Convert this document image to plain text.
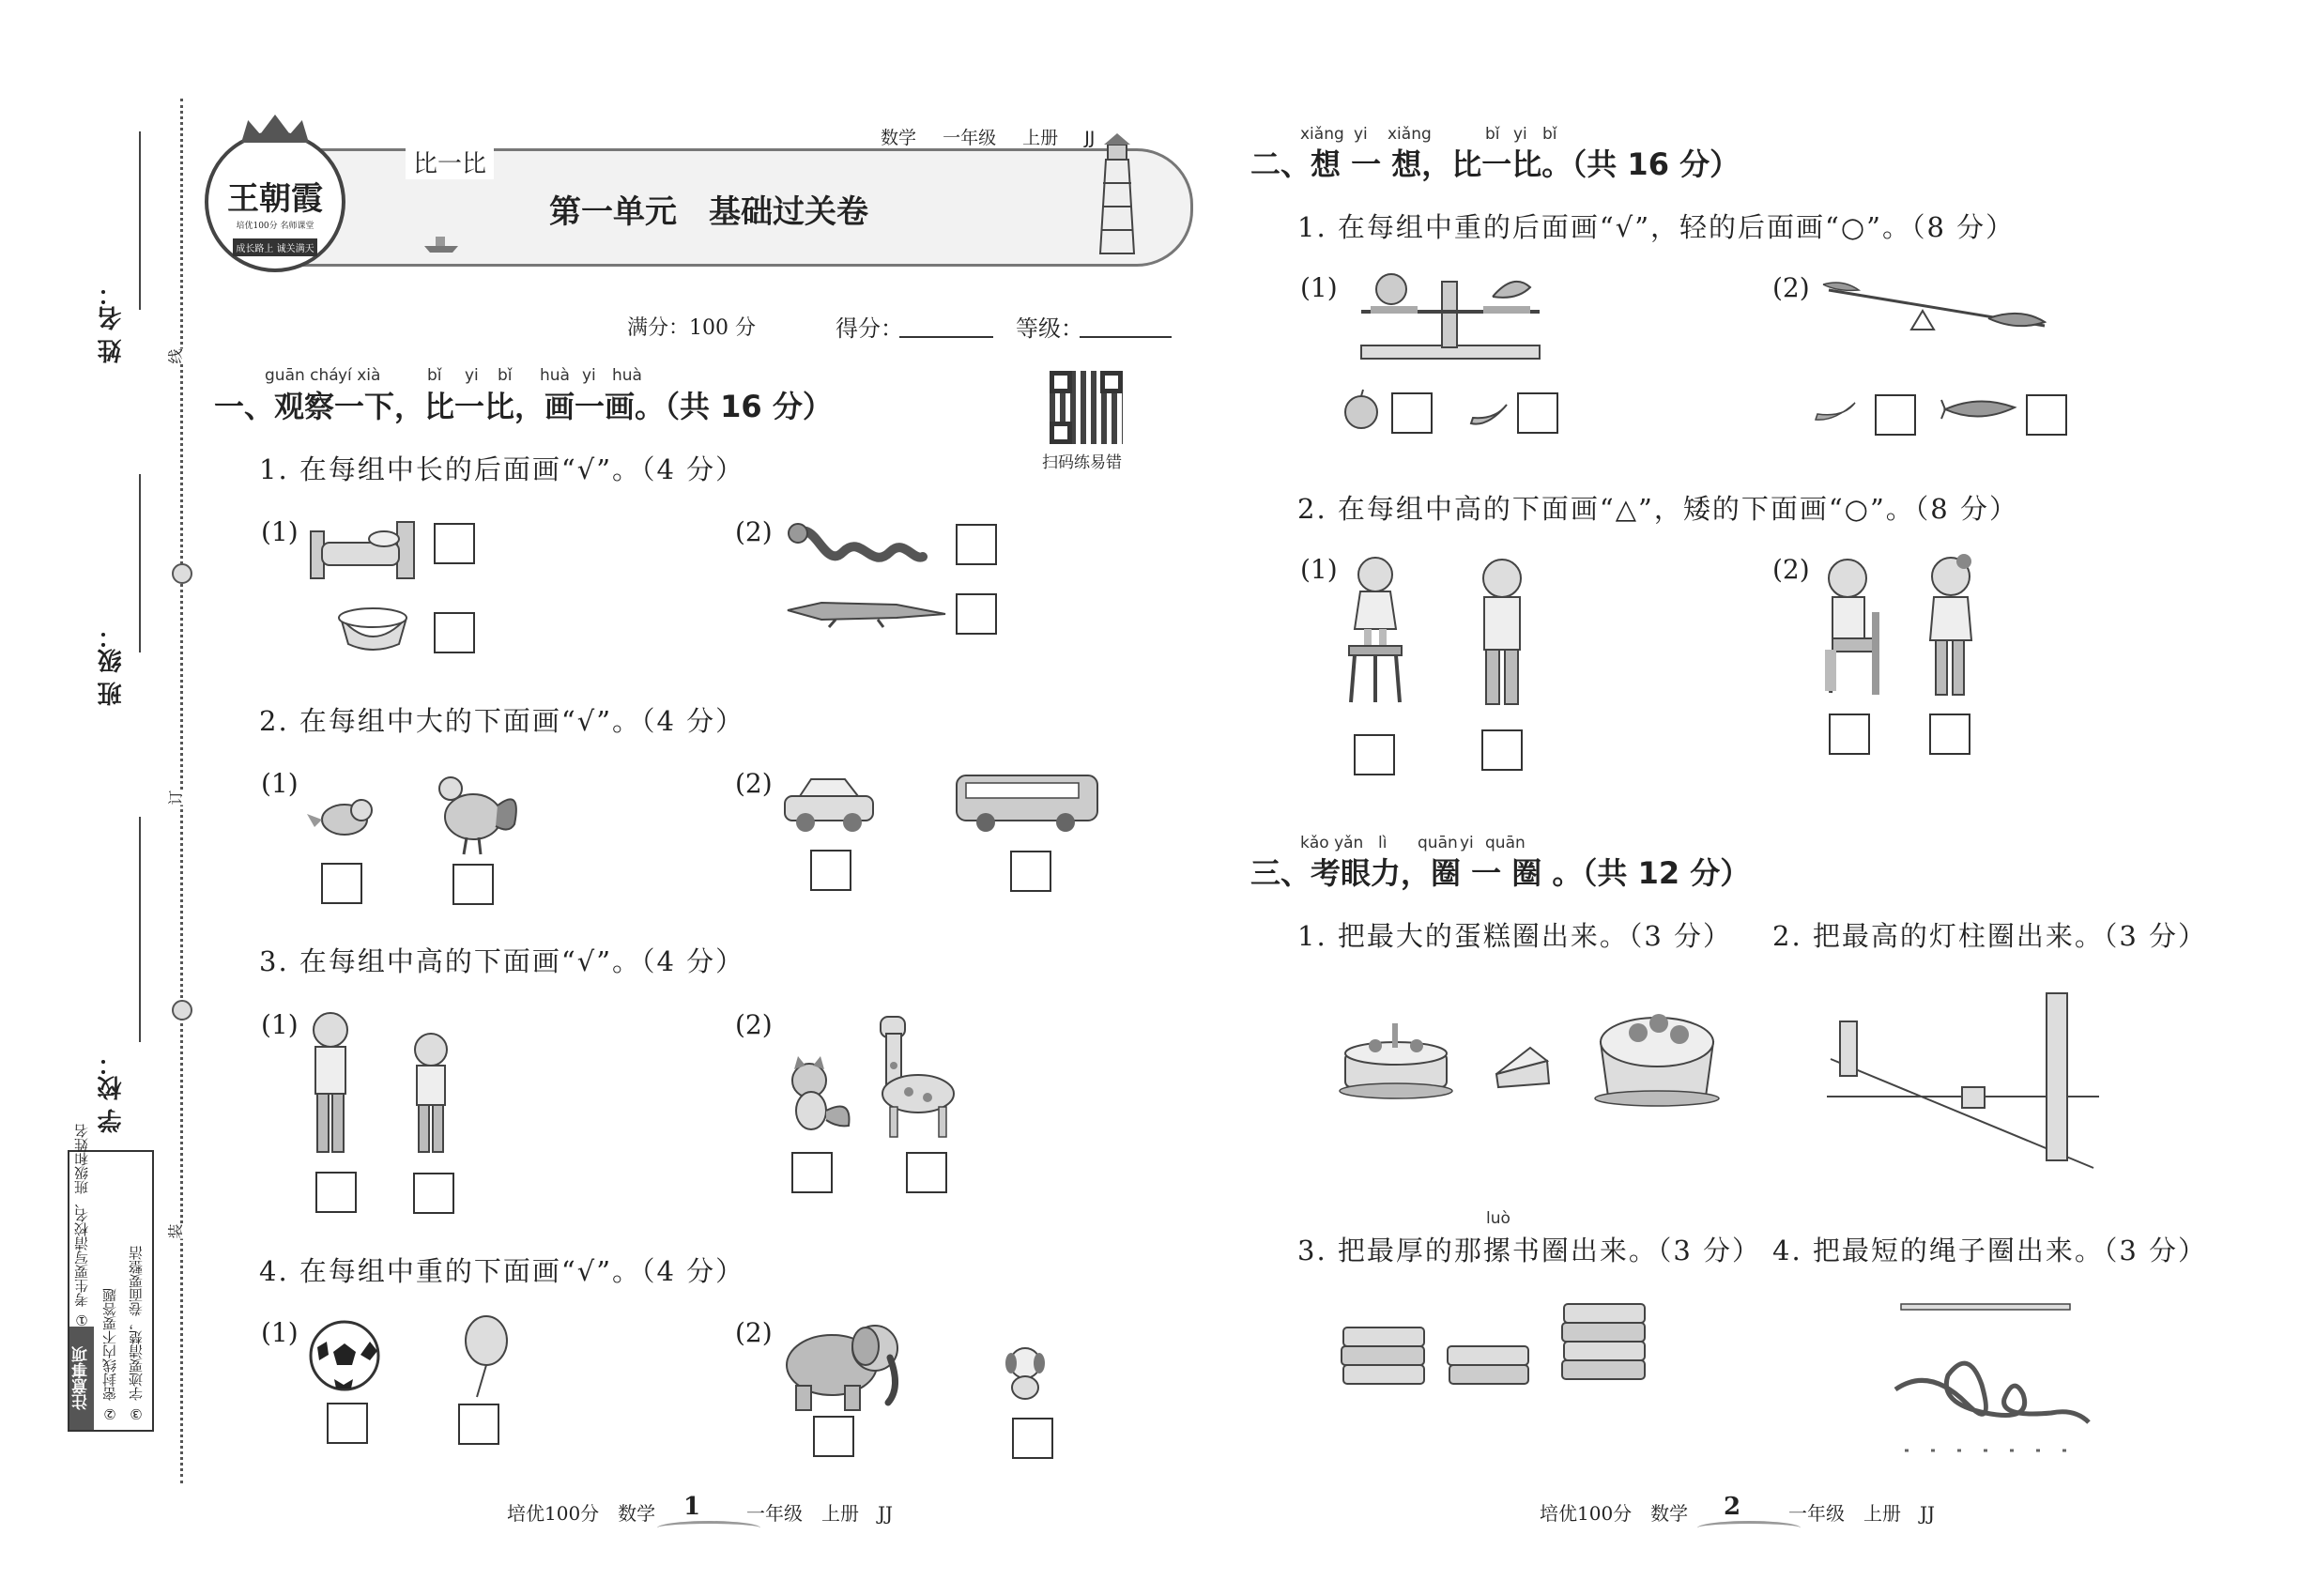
姓 名：
班 级：
学 校：
线
订
装
注意事项
① 考生要写清校名、班级和姓名
② 密封线内不要答题 ③ 字迹要清楚，卷面要整洁
王朝霞
培优100分 名师课堂
成长路上 诚关满天
比一比
数学 一年级 上册 JJ
第一单元　基础过关卷
满分：100 分	得分：	等级：
扫码练易错
guān chá yí xià	bǐ yi bǐ huà yi huà
一、观察一下，比一比，画一画。（共 16 分）
1. 在每组中长的后面画“√”。（4 分）
(1)	(2)
2. 在每组中大的下面画“√”。（4 分）
(1)	(2)
3. 在每组中高的下面画“√”。（4 分）
(1)	(2)
4. 在每组中重的下面画“√”。（4 分）
(1)	(2)
xiǎng yi xiǎng	bǐ yi bǐ
二、想 一 想，比一比。（共 16 分）
1. 在每组中重的后面画“√”，轻的后面画“○”。（8 分）
(1)	(2)
2. 在每组中高的下面画“△”，矮的下面画“○”。（8 分）
(1)	(2)
kǎo yǎn lì quān yi quān
三、考眼力，圈 一 圈 。（共 12 分）
1. 把最大的蛋糕圈出来。（3 分） 2. 把最高的灯柱圈出来。（3 分）
luò
3. 把最厚的那摞书圈出来。（3 分） 4. 把最短的绳子圈出来。（3 分）
培优100分　数学 1 一年级　上册　JJ	培优100分　数学 2	一年级　上册　JJ
